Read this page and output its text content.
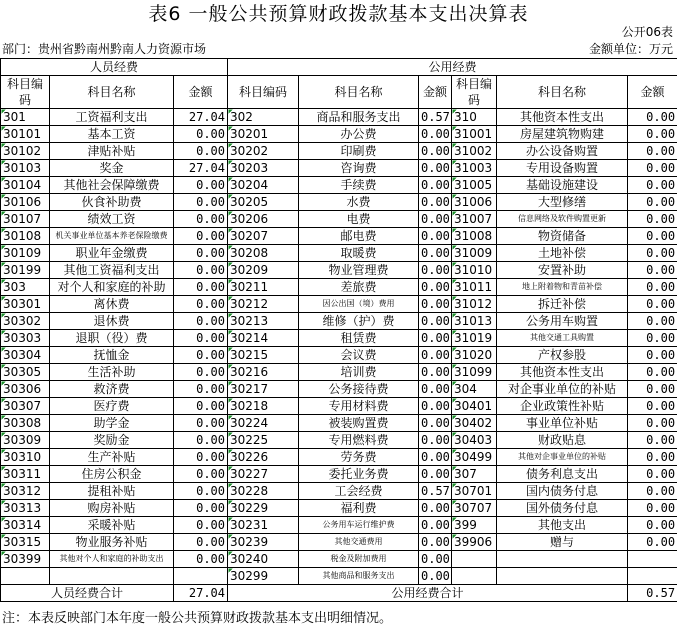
表6 一般公共预算财政拨款基本支出决算表
公开06表
部门：贵州省黔南州黔南人力资源市场	金额单位：万元
人员经费			公用经费					
科目编码	科目名称	金额	科目编码	科目名称	金额	科目编码	科目名称	金额
301	工资福利支出	27.04	302	商品和服务支出	0.57	310	其他资本性支出	0.00
30101	基本工资	0.00	30201	办公费	0.00	31001	房屋建筑物购建	0.00
30102	津贴补贴	0.00	30202	印刷费	0.00	31002	办公设备购置	0.00
30103	奖金	27.04	30203	咨询费	0.00	31003	专用设备购置	0.00
30104	其他社会保障缴费	0.00	30204	手续费	0.00	31005	基础设施建设	0.00
30106	伙食补助费	0.00	30205	水费	0.00	31006	大型修缮	0.00
30107	绩效工资	0.00	30206	电费	0.00	31007	信息网络及软件购置更新	0.00
30108	机关事业单位基本养老保险缴费	0.00	30207	邮电费	0.00	31008	物资储备	0.00
30109	职业年金缴费	0.00	30208	取暖费	0.00	31009	土地补偿	0.00
30199	其他工资福利支出	0.00	30209	物业管理费	0.00	31010	安置补助	0.00
303	对个人和家庭的补助	0.00	30211	差旅费	0.00	31011	地上附着物和青苗补偿	0.00
30301	离休费	0.00	30212	因公出国（境）费用	0.00	31012	拆迁补偿	0.00
30302	退休费	0.00	30213	维修（护）费	0.00	31013	公务用车购置	0.00
30303	退职（役）费	0.00	30214	租赁费	0.00	31019	其他交通工具购置	0.00
30304	抚恤金	0.00	30215	会议费	0.00	31020	产权参股	0.00
30305	生活补助	0.00	30216	培训费	0.00	31099	其他资本性支出	0.00
30306	救济费	0.00	30217	公务接待费	0.00	304	对企事业单位的补贴	0.00
30307	医疗费	0.00	30218	专用材料费	0.00	30401	企业政策性补贴	0.00
30308	助学金	0.00	30224	被装购置费	0.00	30402	事业单位补贴	0.00
30309	奖励金	0.00	30225	专用燃料费	0.00	30403	财政贴息	0.00
30310	生产补贴	0.00	30226	劳务费	0.00	30499	其他对企事业单位的补贴	0.00
30311	住房公积金	0.00	30227	委托业务费	0.00	307	债务利息支出	0.00
30312	提租补贴	0.00	30228	工会经费	0.57	30701	国内债务付息	0.00
30313	购房补贴	0.00	30229	福利费	0.00	30707	国外债务付息	0.00
30314	采暖补贴	0.00	30231	公务用车运行维护费	0.00	399	其他支出	0.00
30315	物业服务补贴	0.00	30239	其他交通费用	0.00	39906	赠与	0.00
30399	其他对个人和家庭的补助支出	0.00	30240	税金及附加费用	0.00			
			30299	其他商品和服务支出	0.00			
人员经费合计		27.04	公用经费合计					0.57
注：本表反映部门本年度一般公共预算财政拨款基本支出明细情况。
